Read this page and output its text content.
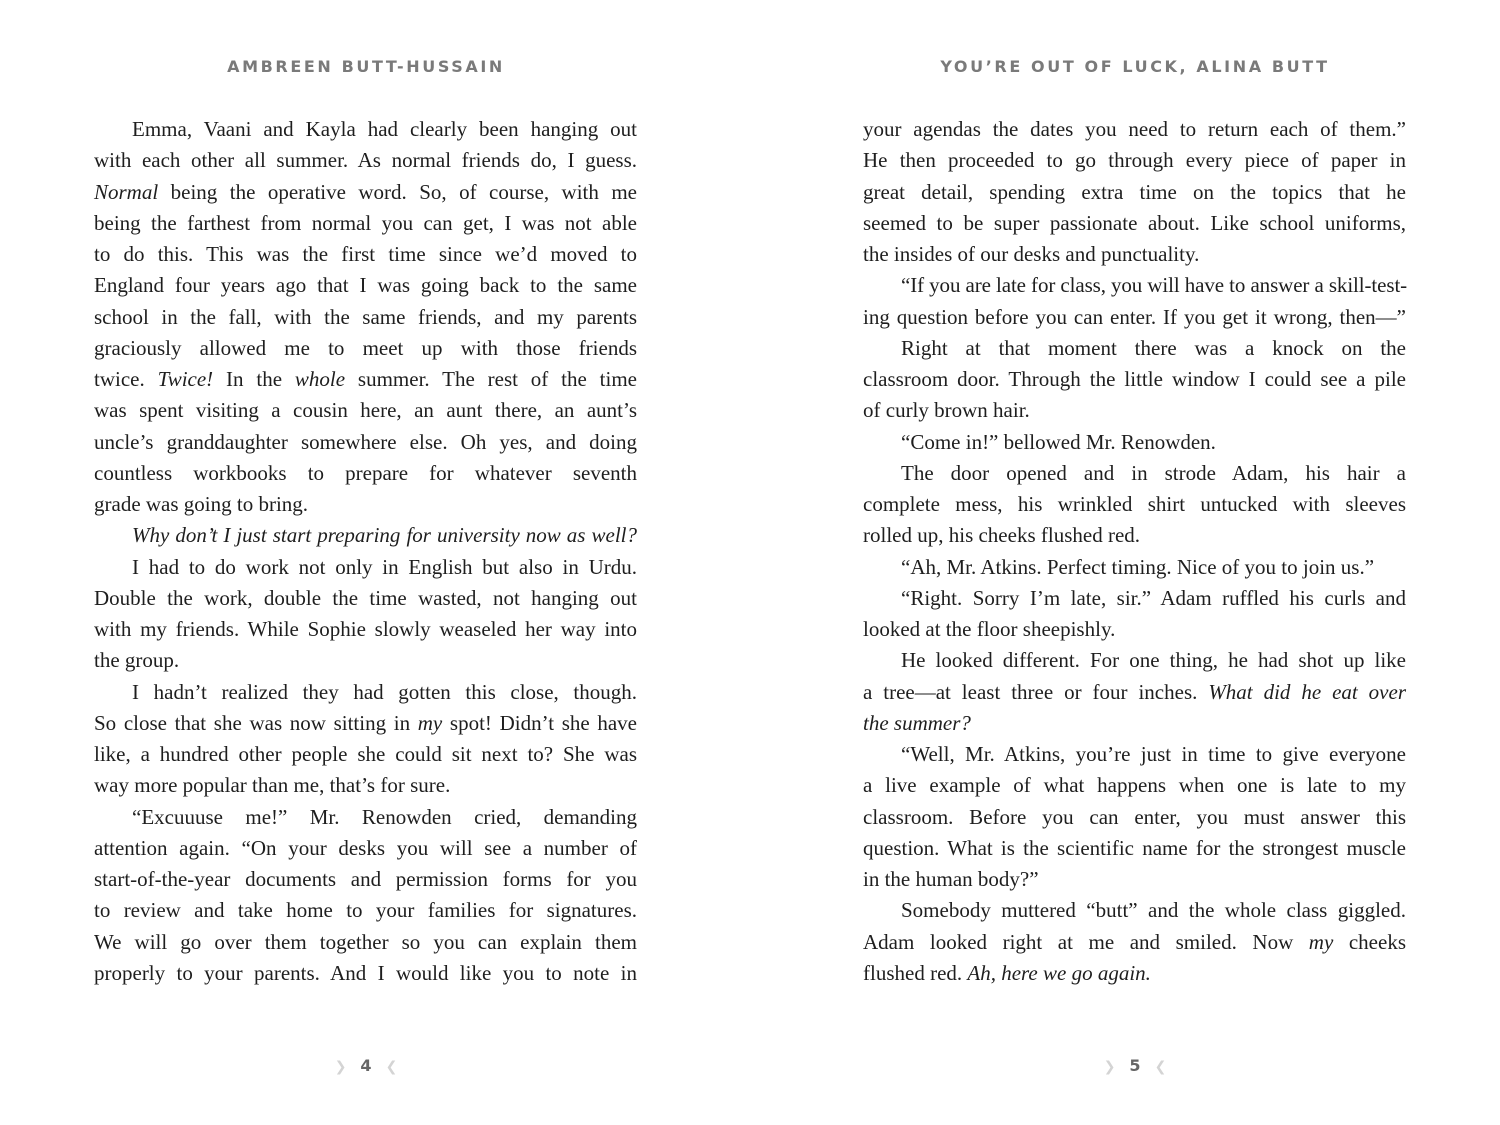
AMBREEN BUTT-HUSSAIN
Emma, Vaani and Kayla had clearly been hanging out
with each other all summer. As normal friends do, I guess.
Normal being the operative word. So, of course, with me
being the farthest from normal you can get, I was not able
to do this. This was the first time since we’d moved to
England four years ago that I was going back to the same
school in the fall, with the same friends, and my parents
graciously allowed me to meet up with those friends
twice. Twice! In the whole summer. The rest of the time
was spent visiting a cousin here, an aunt there, an aunt’s
uncle’s granddaughter somewhere else. Oh yes, and doing
countless workbooks to prepare for whatever seventh
grade was going to bring.
Why don’t I just start preparing for university now as well?
I had to do work not only in English but also in Urdu.
Double the work, double the time wasted, not hanging out
with my friends. While Sophie slowly weaseled her way into
the group.
I hadn’t realized they had gotten this close, though.
So close that she was now sitting in my spot! Didn’t she have
like, a hundred other people she could sit next to? She was
way more popular than me, that’s for sure.
“Excuuuse me!” Mr. Renowden cried, demanding
attention again. “On your desks you will see a number of
start-of-the-year documents and permission forms for you
to review and take home to your families for signatures.
We will go over them together so you can explain them
properly to your parents. And I would like you to note in
❯ 4 ❮
YOU’RE OUT OF LUCK, ALINA BUTT
your agendas the dates you need to return each of them.”
He then proceeded to go through every piece of paper in
great detail, spending extra time on the topics that he
seemed to be super passionate about. Like school uniforms,
the insides of our desks and punctuality.
“If you are late for class, you will have to answer a skill-test-
ing question before you can enter. If you get it wrong, then—”
Right at that moment there was a knock on the
classroom door. Through the little window I could see a pile
of curly brown hair.
“Come in!” bellowed Mr. Renowden.
The door opened and in strode Adam, his hair a
complete mess, his wrinkled shirt untucked with sleeves
rolled up, his cheeks flushed red.
“Ah, Mr. Atkins. Perfect timing. Nice of you to join us.”
“Right. Sorry I’m late, sir.” Adam ruffled his curls and
looked at the floor sheepishly.
He looked different. For one thing, he had shot up like
a tree—at least three or four inches. What did he eat over
the summer?
“Well, Mr. Atkins, you’re just in time to give everyone
a live example of what happens when one is late to my
classroom. Before you can enter, you must answer this
question. What is the scientific name for the strongest muscle
in the human body?”
Somebody muttered “butt” and the whole class giggled.
Adam looked right at me and smiled. Now my cheeks
flushed red. Ah, here we go again.
❯ 5 ❮
